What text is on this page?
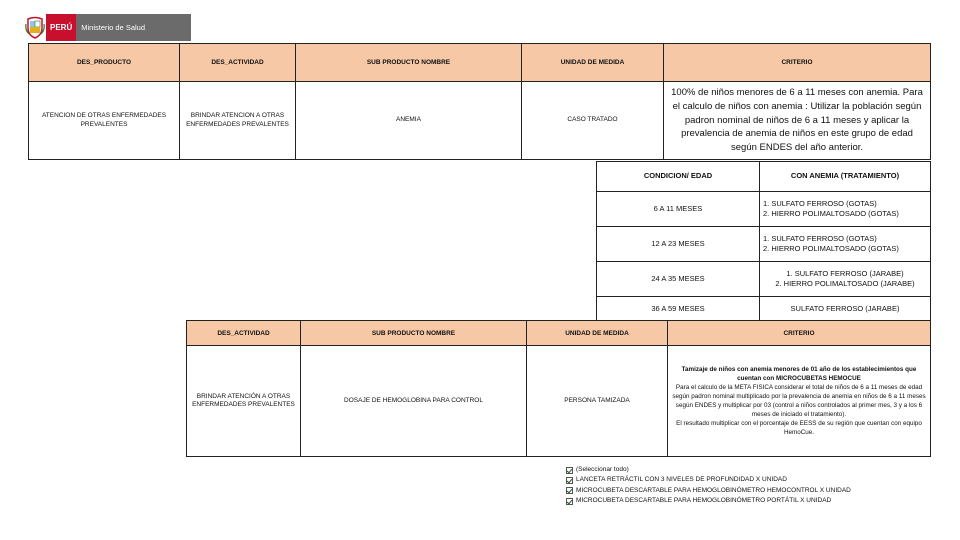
PERÚ	Ministerio de Salud
DES_PRODUCTO	DES_ACTIVIDAD	SUB PRODUCTO NOMBRE	UNIDAD DE MEDIDA	CRITERIO
ATENCION DE OTRAS ENFERMEDADES PREVALENTES	BRINDAR ATENCION A OTRAS ENFERMEDADES PREVALENTES	ANEMIA	CASO TRATADO	100% de niños menores de 6 a 11 meses con anemia. Para el calculo de niños con anemia : Utilizar la población según padron nominal de niños de 6 a 11 meses y aplicar la prevalencia de anemia de niños en este grupo de edad según ENDES del año anterior.
CONDICION/ EDAD	CON ANEMIA (TRATAMIENTO)
6 A 11 MESES	1. SULFATO FERROSO (GOTAS)
2. HIERRO POLIMALTOSADO (GOTAS)

12 A 23 MESES	1. SULFATO FERROSO (GOTAS)
2. HIERRO POLIMALTOSADO (GOTAS)

24 A 35 MESES	1. SULFATO FERROSO (JARABE)
2. HIERRO POLIMALTOSADO (JARABE)

36 A 59 MESES	SULFATO FERROSO (JARABE)
DES_ACTIVIDAD	SUB PRODUCTO NOMBRE	UNIDAD DE MEDIDA	CRITERIO
BRINDAR ATENCIÓN A OTRAS ENFERMEDADES PREVALENTES	DOSAJE DE HEMOGLOBINA PARA CONTROL	PERSONA TAMIZADA	Tamizaje de niños con anemia menores de 01 año de los establecimientos que cuentan con MICROCUBETAS HEMOCUE
Para el calculo de la META FISICA considerar el total de niños de 6 a 11 meses de edad según padron nominal multiplicado por la prevalencia de anemia en niños de 6 a 11 meses según ENDES y multiplicar por 03 (control a niños controlados al primer mes, 3 y a los 6 meses de iniciado el tratamiento).
El resultado multiplicar con el porcentaje de EESS de su región que cuentan con equipo HemoCue.
(Seleccionar todo)
LANCETA RETRÁCTIL CON 3 NIVELES DE PROFUNDIDAD X UNIDAD
MICROCUBETA DESCARTABLE PARA HEMOGLOBINÓMETRO HEMOCONTROL X UNIDAD
MICROCUBETA DESCARTABLE PARA HEMOGLOBINÓMETRO PORTÁTIL X UNIDAD
